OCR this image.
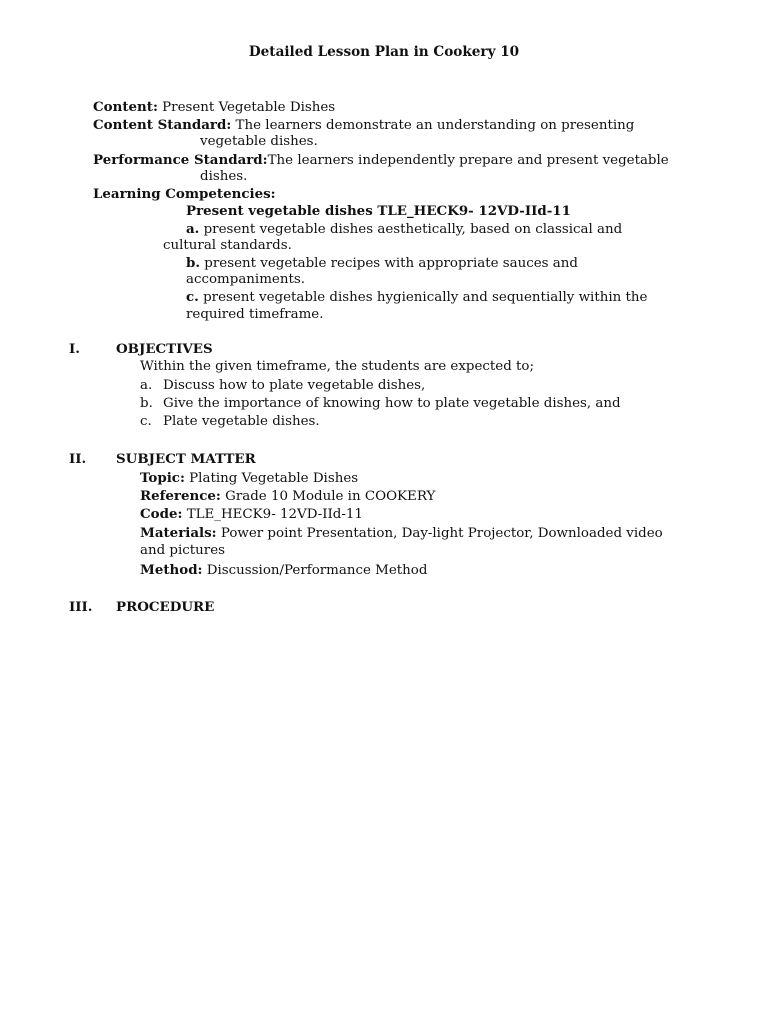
Detailed Lesson Plan in Cookery 10
Content: Present Vegetable Dishes
Content Standard: The learners demonstrate an understanding on presenting
vegetable dishes.
Performance Standard:The learners independently prepare and present vegetable
dishes.
Learning Competencies:
Present vegetable dishes TLE_HECK9- 12VD-IId-11
a. present vegetable dishes aesthetically, based on classical and
cultural standards.
b. present vegetable recipes with appropriate sauces and
accompaniments.
c. present vegetable dishes hygienically and sequentially within the
required timeframe.
I.	OBJECTIVES
Within the given timeframe, the students are expected to;
a. Discuss how to plate vegetable dishes,
b. Give the importance of knowing how to plate vegetable dishes, and
c. Plate vegetable dishes.
II. SUBJECT MATTER
Topic: Plating Vegetable Dishes
Reference: Grade 10 Module in COOKERY
Code: TLE_HECK9- 12VD-IId-11
Materials: Power point Presentation, Day-light Projector, Downloaded video
and pictures
Method: Discussion/Performance Method
III. PROCEDURE
